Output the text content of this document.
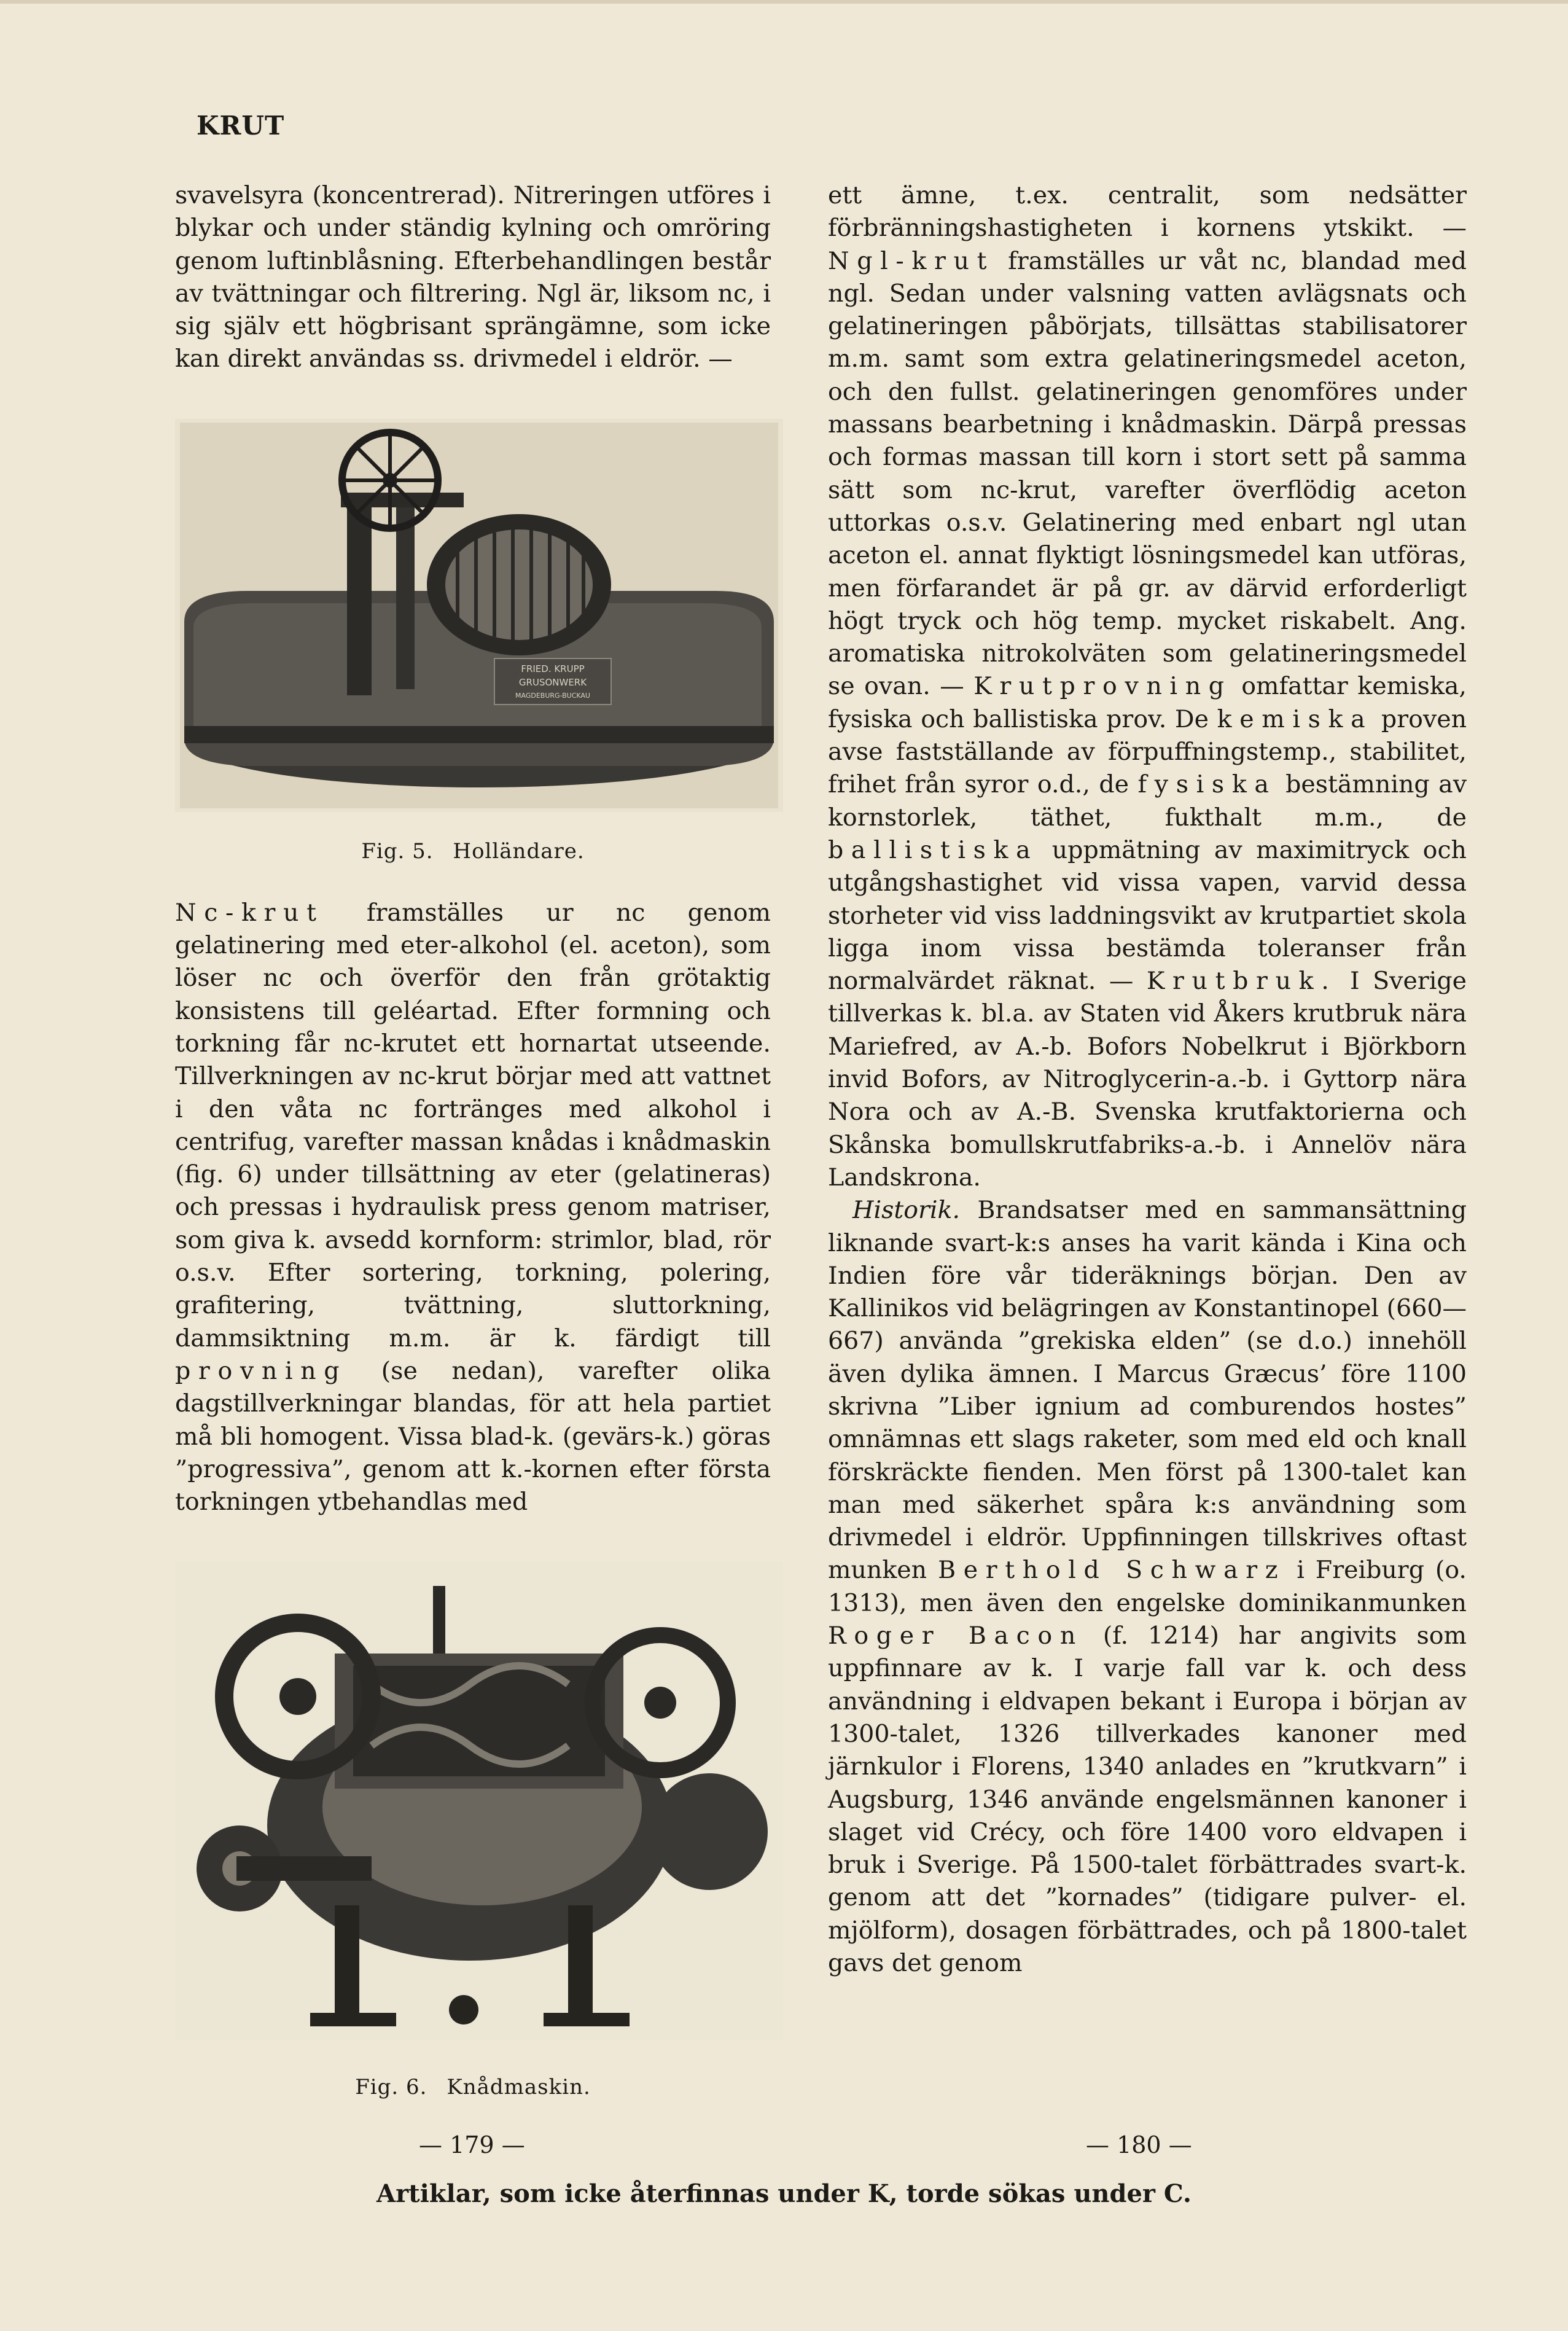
KRUT

svavelsyra (koncentrerad). Nitreringen utföres i blykar och under ständig kylning och omröring genom luftinblåsning. Efterbehandlingen består av tvättningar och filtrering. Ngl är, liksom nc, i sig själv ett högbrisant sprängämne, som icke kan direkt användas ss. drivmedel i eldrör. —

FRIED. KRUPP
GRUSONWERK
MAGDEBURG-BUCKAU
Fig. 5. Holländare.

Nc-krut framställes ur nc genom gelatinering med eter-alkohol (el. aceton), som löser nc och överför den från grötaktig konsistens till geléartad. Efter formning och torkning får nc-krutet ett hornartat utseende. Tillverkningen av nc-krut börjar med att vattnet i den våta nc fortränges med alkohol i centrifug, varefter massan knådas i knådmaskin (fig. 6) under tillsättning av eter (gelatineras) och pressas i hydraulisk press genom matriser, som giva k. avsedd kornform: strimlor, blad, rör o.s.v. Efter sortering, torkning, polering, grafitering, tvättning, sluttorkning, dammsiktning m.m. är k. färdigt till provning (se nedan), varefter olika dagstillverkningar blandas, för att hela partiet må bli homogent. Vissa blad-k. (gevärs-k.) göras ”progressiva”, genom att k.-kornen efter första torkningen ytbehandlas med

Fig. 6. Knådmaskin.

ett ämne, t.ex. centralit, som nedsätter förbränningshastigheten i kornens ytskikt. — Ngl-krut framställes ur våt nc, blandad med ngl. Sedan under valsning vatten avlägsnats och gelatineringen påbörjats, tillsättas stabilisatorer m.m. samt som extra gelatineringsmedel aceton, och den fullst. gelatineringen genomföres under massans bearbetning i knådmaskin. Därpå pressas och formas massan till korn i stort sett på samma sätt som nc-krut, varefter överflödig aceton uttorkas o.s.v. Gelatinering med enbart ngl utan aceton el. annat flyktigt lösningsmedel kan utföras, men förfarandet är på gr. av därvid erforderligt högt tryck och hög temp. mycket riskabelt. Ang. aromatiska nitrokolväten som gelatineringsmedel se ovan. — Krutprovning omfattar kemiska, fysiska och ballistiska prov. De kemiska proven avse fastställande av förpuffningstemp., stabilitet, frihet från syror o.d., de fysiska bestämning av kornstorlek, täthet, fukthalt m.m., de ballistiska uppmätning av maximitryck och utgångshastighet vid vissa vapen, varvid dessa storheter vid viss laddningsvikt av krutpartiet skola ligga inom vissa bestämda toleranser från normalvärdet räknat. — Krutbruk. I Sverige tillverkas k. bl.a. av Staten vid Åkers krutbruk nära Mariefred, av A.-b. Bofors Nobelkrut i Björkborn invid Bofors, av Nitroglycerin-a.-b. i Gyttorp nära Nora och av A.-B. Svenska krutfaktorierna och Skånska bomullskrutfabriks-a.-b. i Annelöv nära Landskrona.

Historik. Brandsatser med en sammansättning liknande svart-k:s anses ha varit kända i Kina och Indien före vår tideräknings början. Den av Kallinikos vid belägringen av Konstantinopel (660—667) använda ”grekiska elden” (se d.o.) innehöll även dylika ämnen. I Marcus Græcus’ före 1100 skrivna ”Liber ignium ad comburendos hostes” omnämnas ett slags raketer, som med eld och knall förskräckte fienden. Men först på 1300-talet kan man med säkerhet spåra k:s användning som drivmedel i eldrör. Uppfinningen tillskrives oftast munken Berthold Schwarz i Freiburg (o. 1313), men även den engelske dominikanmunken Roger Bacon (f. 1214) har angivits som uppfinnare av k. I varje fall var k. och dess användning i eldvapen bekant i Europa i början av 1300-talet, 1326 tillverkades kanoner med järnkulor i Florens, 1340 anlades en ”krutkvarn” i Augsburg, 1346 använde engelsmännen kanoner i slaget vid Crécy, och före 1400 voro eldvapen i bruk i Sverige. På 1500-talet förbättrades svart-k. genom att det ”kornades” (tidigare pulver- el. mjölform), dosagen förbättrades, och på 1800-talet gavs det genom

— 179 —	— 180 —
Artiklar, som icke återfinnas under K, torde sökas under C.
